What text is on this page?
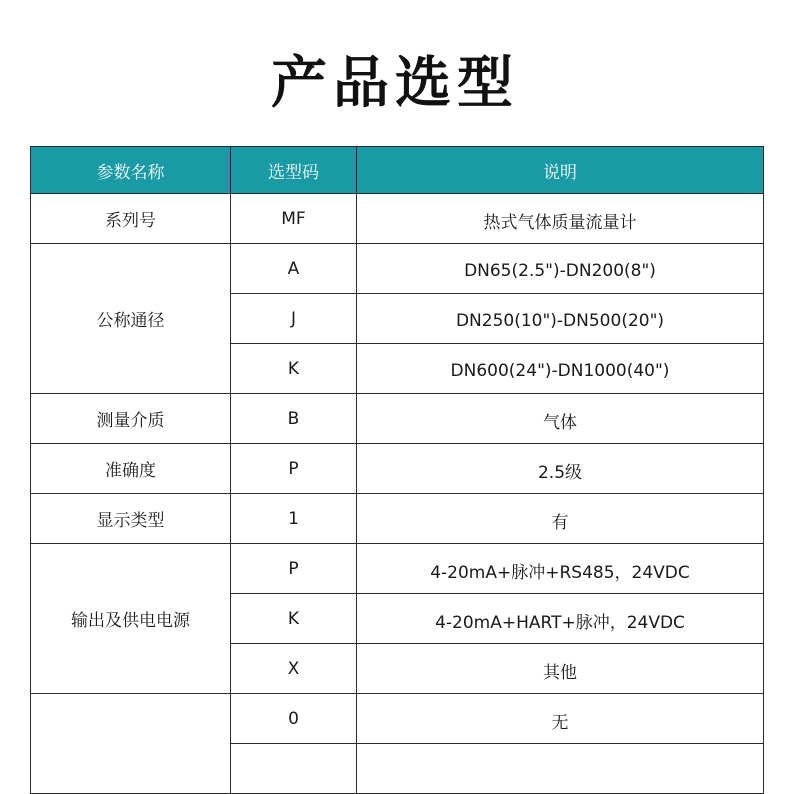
产品选型
参数名称	选型码	说明
系列号	MF	热式气体质量流量计
公称通径	A	DN65(2.5")-DN200(8")
	J	DN250(10")-DN500(20")
	K	DN600(24")-DN1000(40")
测量介质	B	气体
准确度	P	2.5级
显示类型	1	有
输出及供电电源	P	4-20mA+脉冲+RS485，24VDC
	K	4-20mA+HART+脉冲，24VDC
	X	其他
	0	无
